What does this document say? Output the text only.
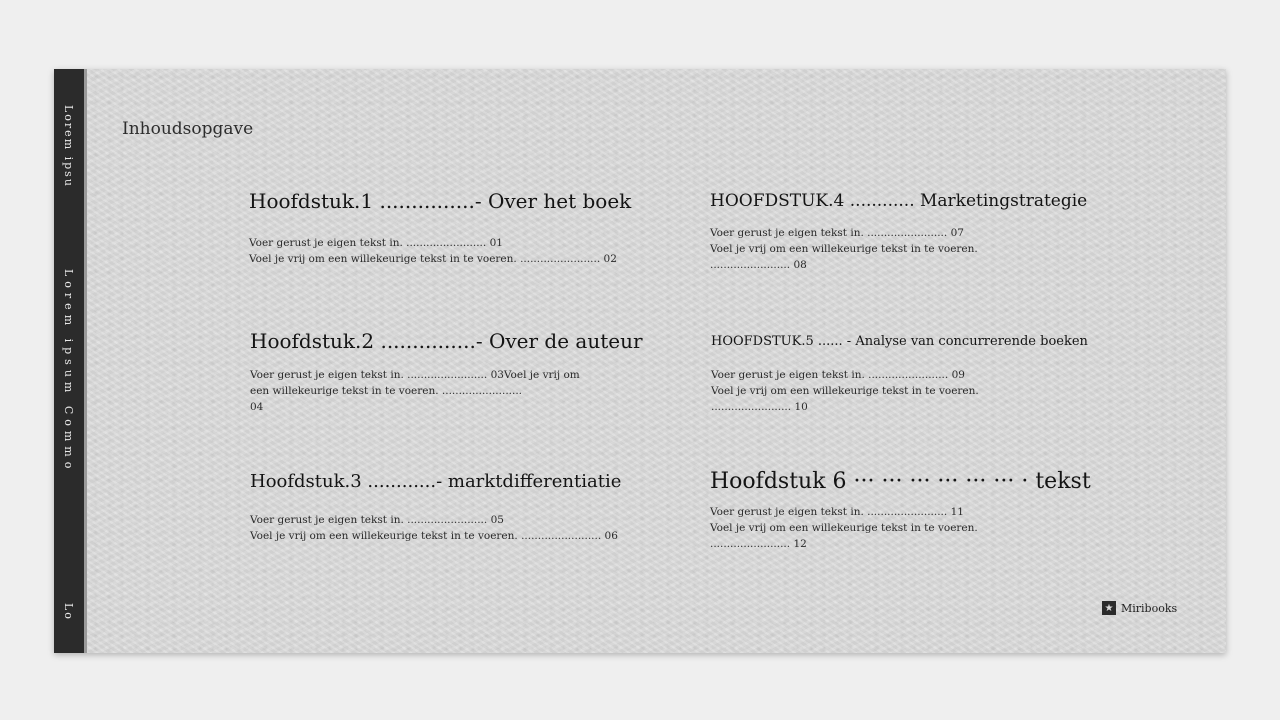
Lorem ipsu
Lorem ipsum Commo
Lo
Inhoudsopgave
Hoofdstuk.1 ...............- Over het boek
Voer gerust je eigen tekst in. ........................ 01
Voel je vrij om een willekeurige tekst in te voeren. ........................ 02
Hoofdstuk.2 ...............- Over de auteur
Voer gerust je eigen tekst in. ........................ 03Voel je vrij om een willekeurige tekst in te voeren. ........................
04
Hoofdstuk.3 ............- marktdifferentiatie
Voer gerust je eigen tekst in. ........................ 05
Voel je vrij om een willekeurige tekst in te voeren. ........................ 06
HOOFDSTUK.4 ............ Marketingstrategie
Voer gerust je eigen tekst in. ........................ 07
Voel je vrij om een willekeurige tekst in te voeren.
........................ 08
HOOFDSTUK.5 ...... - Analyse van concurrerende boeken
Voer gerust je eigen tekst in. ........................ 09
Voel je vrij om een willekeurige tekst in te voeren.
........................ 10
Hoofdstuk 6 ··· ··· ··· ··· ··· ··· · tekst
Voer gerust je eigen tekst in. ........................ 11
Voel je vrij om een willekeurige tekst in te voeren.
........................ 12
★ Miribooks
